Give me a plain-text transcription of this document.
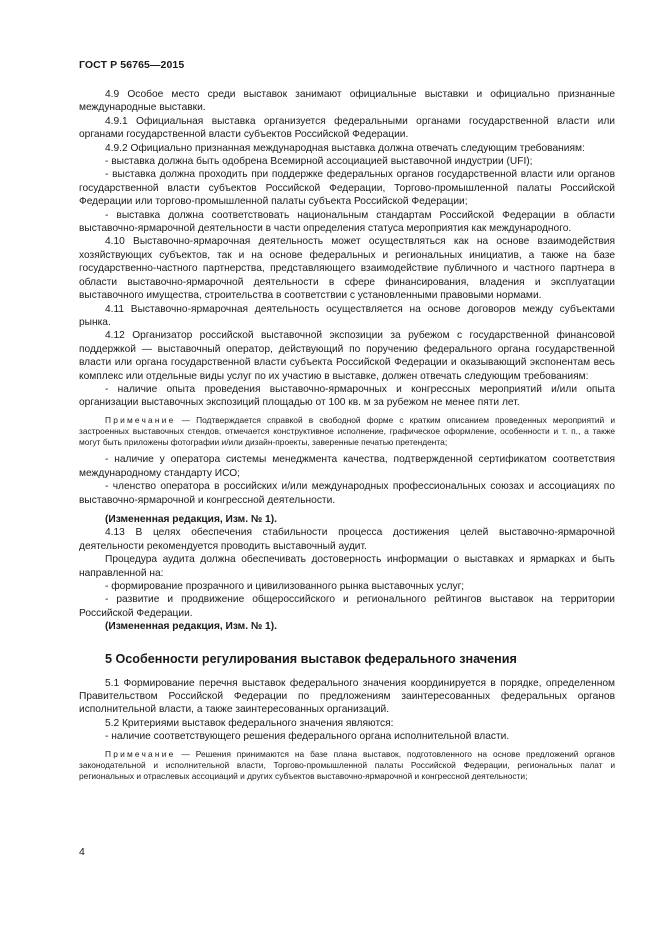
ГОСТ Р 56765—2015

4.9 Особое место среди выставок занимают официальные выставки и официально признанные международные выставки.

4.9.1 Официальная выставка организуется федеральными органами государственной власти или органами государственной власти субъектов Российской Федерации.

4.9.2 Официально признанная международная выставка должна отвечать следующим требованиям:

- выставка должна быть одобрена Всемирной ассоциацией выставочной индустрии (UFI);

- выставка должна проходить при поддержке федеральных органов государственной власти или органов государственной власти субъектов Российской Федерации, Торгово-промышленной палаты Российской Федерации или торгово-промышленной палаты субъекта Российской Федерации;

- выставка должна соответствовать национальным стандартам Российской Федерации в области выставочно-ярмарочной деятельности в части определения статуса мероприятия как международного.

4.10 Выставочно-ярмарочная деятельность может осуществляться как на основе взаимодействия хозяйствующих субъектов, так и на основе федеральных и региональных инициатив, а также на базе государственно-частного партнерства, представляющего взаимодействие публичного и частного партнера в области выставочно-ярмарочной деятельности в сфере финансирования, владения и эксплуатации выставочного имущества, строительства в соответствии с установленными правовыми нормами.

4.11 Выставочно-ярмарочная деятельность осуществляется на основе договоров между субъектами рынка.

4.12 Организатор российской выставочной экспозиции за рубежом с государственной финансовой поддержкой — выставочный оператор, действующий по поручению федерального органа государственной власти или органа государственной власти субъекта Российской Федерации и оказывающий экспонентам весь комплекс или отдельные виды услуг по их участию в выставке, должен отвечать следующим требованиям:

- наличие опыта проведения выставочно-ярмарочных и конгрессных мероприятий и/или опыта организации выставочных экспозиций площадью от 100 кв. м за рубежом не менее пяти лет.

Примечание — Подтверждается справкой в свободной форме с кратким описанием проведенных мероприятий и застроенных выставочных стендов, отмечается конструктивное исполнение, графическое оформление, особенности и т. п., а также могут быть приложены фотографии и/или дизайн-проекты, заверенные печатью претендента;

- наличие у оператора системы менеджмента качества, подтвержденной сертификатом соответствия международному стандарту ИСО;

- членство оператора в российских и/или международных профессиональных союзах и ассоциациях по выставочно-ярмарочной и конгрессной деятельности.

(Измененная редакция, Изм. № 1).

4.13 В целях обеспечения стабильности процесса достижения целей выставочно-ярмарочной деятельности рекомендуется проводить выставочный аудит.

Процедура аудита должна обеспечивать достоверность информации о выставках и ярмарках и быть направленной на:

- формирование прозрачного и цивилизованного рынка выставочных услуг;

- развитие и продвижение общероссийского и регионального рейтингов выставок на территории Российской Федерации.

(Измененная редакция, Изм. № 1).

5 Особенности регулирования выставок федерального значения

5.1 Формирование перечня выставок федерального значения координируется в порядке, определенном Правительством Российской Федерации по предложениям заинтересованных федеральных органов исполнительной власти, а также заинтересованных организаций.

5.2 Критериями выставок федерального значения являются:

- наличие соответствующего решения федерального органа исполнительной власти.

Примечание — Решения принимаются на базе плана выставок, подготовленного на основе предложений органов законодательной и исполнительной власти, Торгово-промышленной палаты Российской Федерации, региональных палат и региональных и отраслевых ассоциаций и других субъектов выставочно-ярмарочной и конгрессной деятельности;

4
